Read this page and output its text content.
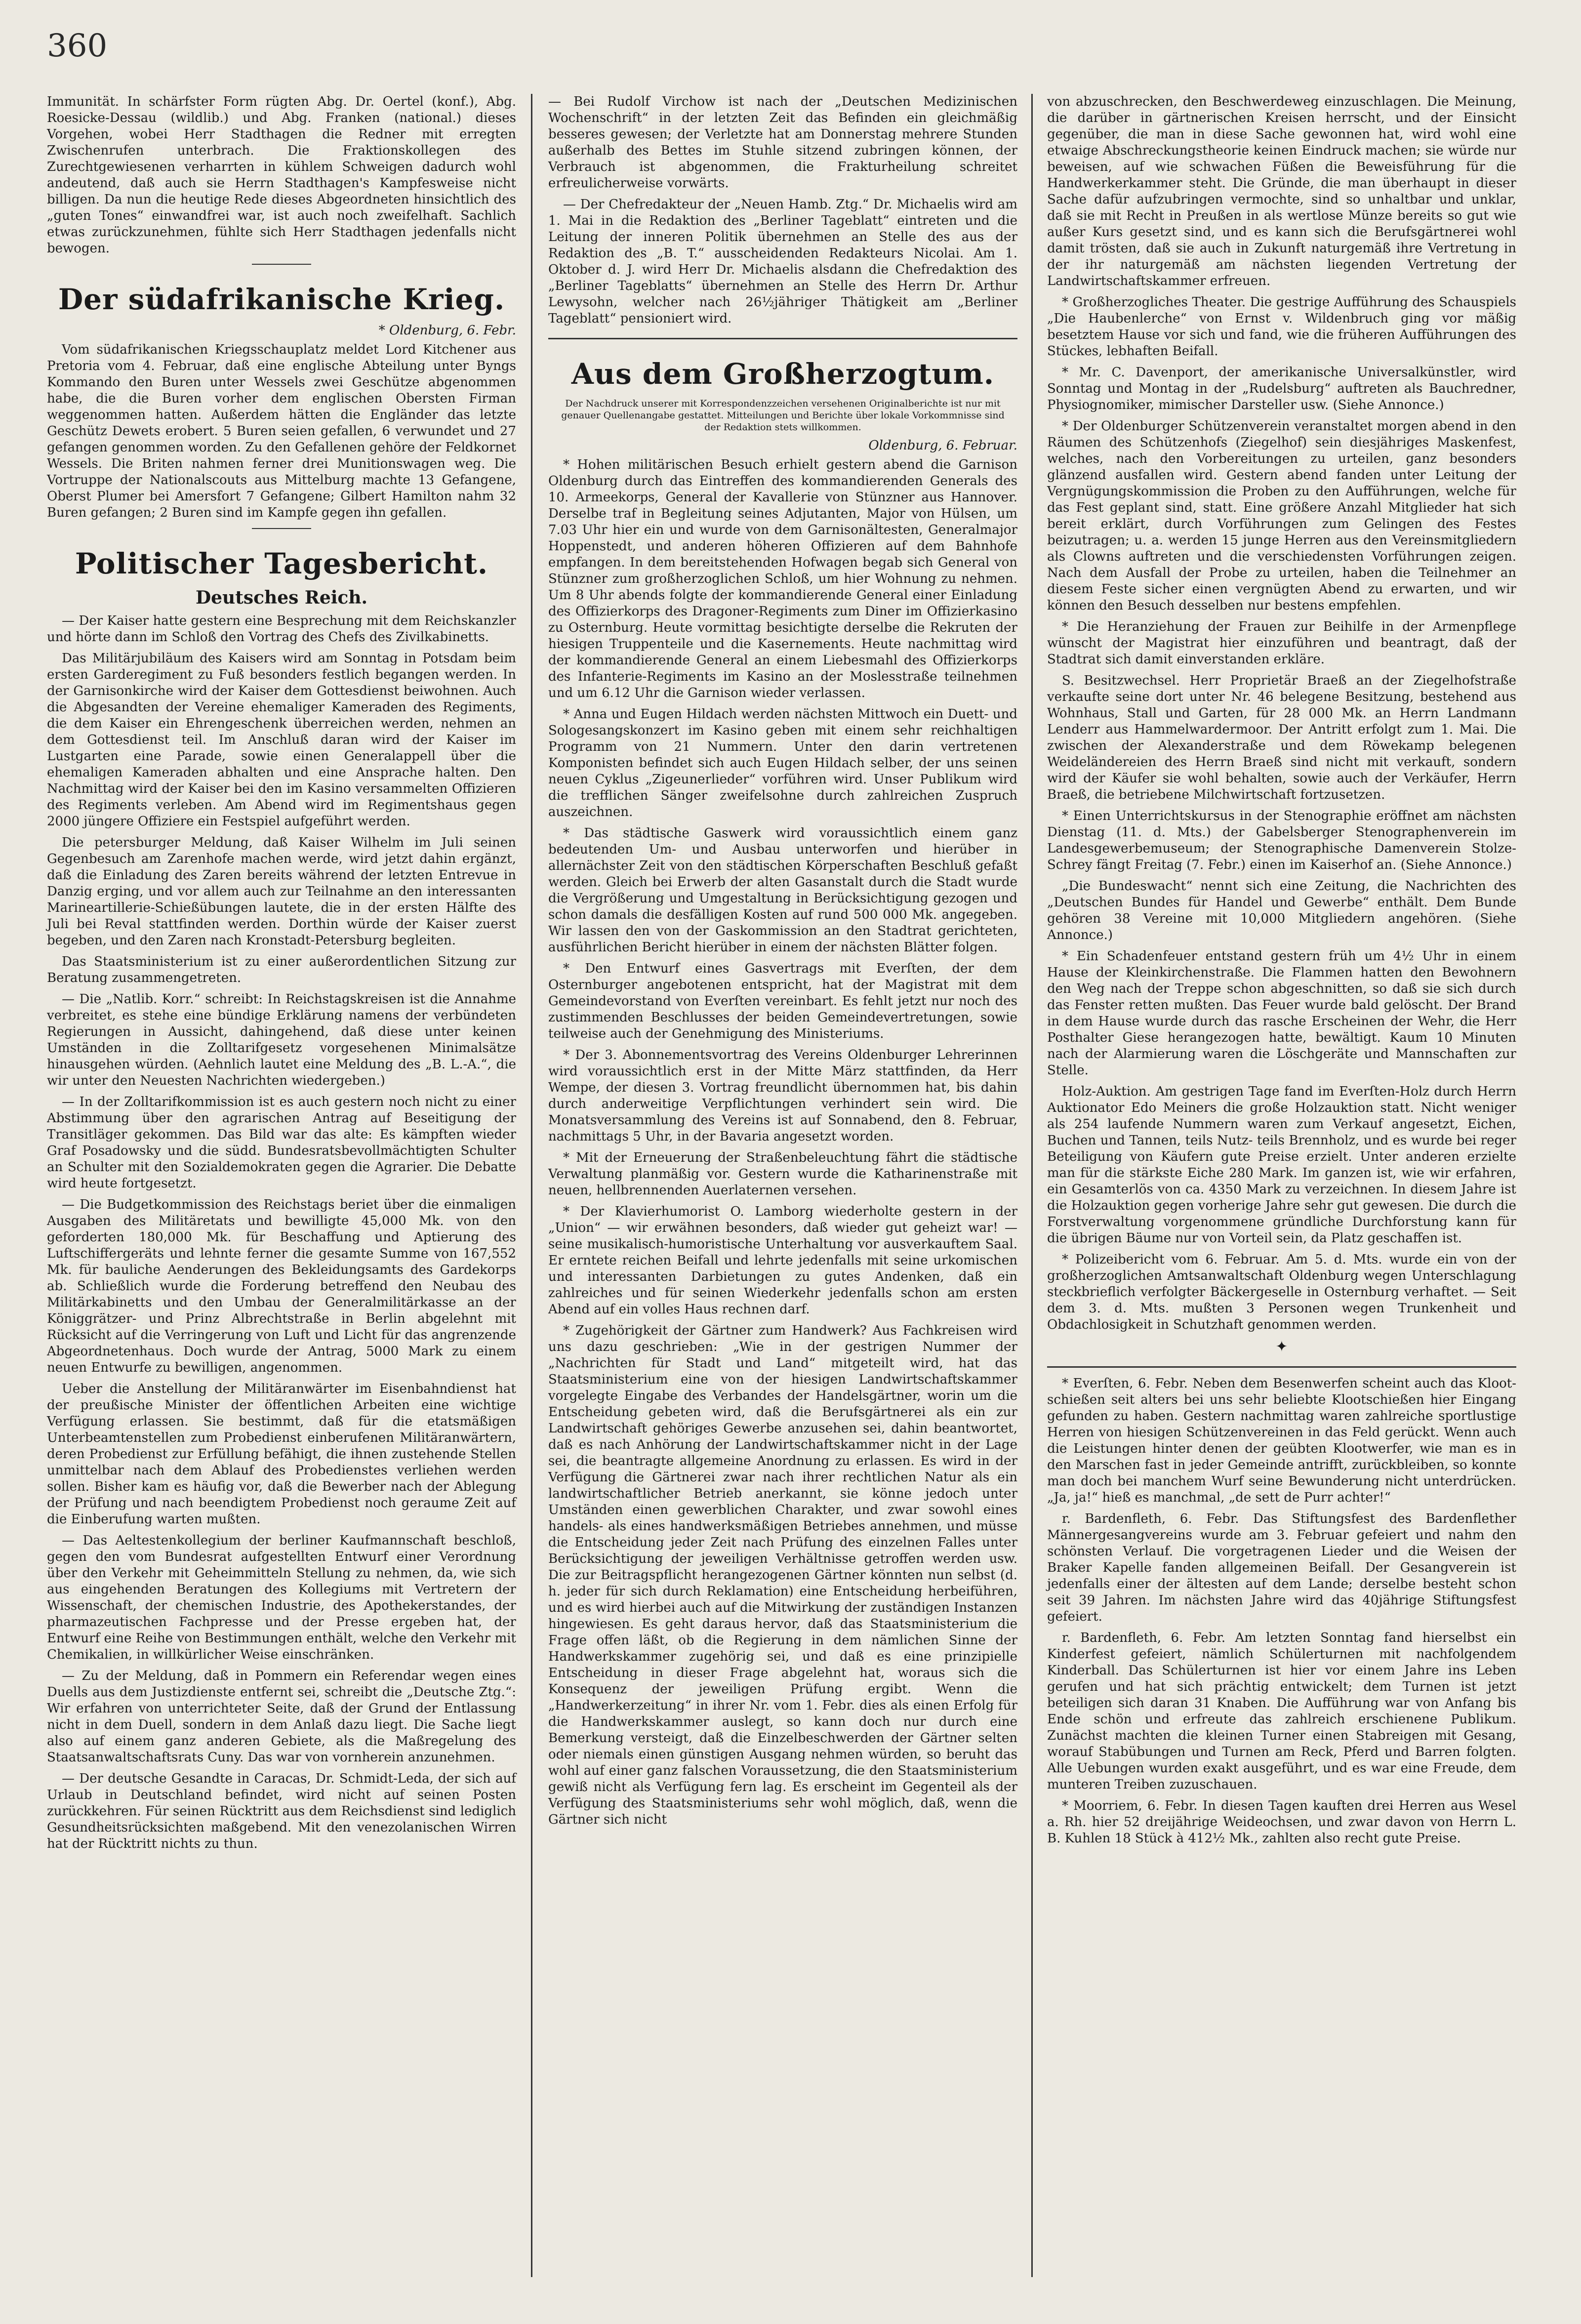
360

Immunität. In schärfster Form rügten Abg. Dr. Oertel (konf.), Abg. Roesicke-Dessau (wildlib.) und Abg. Franken (national.) dieses Vorgehen, wobei Herr Stadthagen die Redner mit erregten Zwischenrufen unterbrach. Die Fraktionskollegen des Zurechtgewiesenen verharrten in kühlem Schweigen dadurch wohl andeutend, daß auch sie Herrn Stadthagen's Kampfesweise nicht billigen. Da nun die heutige Rede dieses Abgeordneten hinsichtlich des „guten Tones“ einwandfrei war, ist auch noch zweifelhaft. Sachlich etwas zurückzunehmen, fühlte sich Herr Stadthagen jedenfalls nicht bewogen.

Der südafrikanische Krieg.
* Oldenburg, 6. Febr.

Vom südafrikanischen Kriegsschauplatz meldet Lord Kitchener aus Pretoria vom 4. Februar, daß eine englische Abteilung unter Byngs Kommando den Buren unter Wessels zwei Geschütze abgenommen habe, die die Buren vorher dem englischen Obersten Firman weggenommen hatten. Außerdem hätten die Engländer das letzte Geschütz Dewets erobert. 5 Buren seien gefallen, 6 verwundet und 27 gefangen genommen worden. Zu den Gefallenen gehöre der Feldkornet Wessels. Die Briten nahmen ferner drei Munitionswagen weg. Die Vortruppe der Nationalscouts aus Mittelburg machte 13 Gefangene, Oberst Plumer bei Amersfort 7 Gefangene; Gilbert Hamilton nahm 32 Buren gefangen; 2 Buren sind im Kampfe gegen ihn gefallen.

Politischer Tagesbericht.
Deutsches Reich.

— Der Kaiser hatte gestern eine Besprechung mit dem Reichskanzler und hörte dann im Schloß den Vortrag des Chefs des Zivilkabinetts.

Das Militärjubiläum des Kaisers wird am Sonntag in Potsdam beim ersten Garderegiment zu Fuß besonders festlich begangen werden. In der Garnisonkirche wird der Kaiser dem Gottesdienst beiwohnen. Auch die Abgesandten der Vereine ehemaliger Kameraden des Regiments, die dem Kaiser ein Ehrengeschenk überreichen werden, nehmen an dem Gottesdienst teil. Im Anschluß daran wird der Kaiser im Lustgarten eine Parade, sowie einen Generalappell über die ehemaligen Kameraden abhalten und eine Ansprache halten. Den Nachmittag wird der Kaiser bei den im Kasino versammelten Offizieren des Regiments verleben. Am Abend wird im Regimentshaus gegen 2000 jüngere Offiziere ein Festspiel aufgeführt werden.

Die petersburger Meldung, daß Kaiser Wilhelm im Juli seinen Gegenbesuch am Zarenhofe machen werde, wird jetzt dahin ergänzt, daß die Einladung des Zaren bereits während der letzten Entrevue in Danzig erging, und vor allem auch zur Teilnahme an den interessanten Marineartillerie-Schießübungen lautete, die in der ersten Hälfte des Juli bei Reval stattfinden werden. Dorthin würde der Kaiser zuerst begeben, und den Zaren nach Kronstadt-Petersburg begleiten.

Das Staatsministerium ist zu einer außerordentlichen Sitzung zur Beratung zusammengetreten.

— Die „Natlib. Korr.“ schreibt: In Reichstagskreisen ist die Annahme verbreitet, es stehe eine bündige Erklärung namens der verbündeten Regierungen in Aussicht, dahingehend, daß diese unter keinen Umständen in die Zolltarifgesetz vorgesehenen Minimalsätze hinausgehen würden. (Aehnlich lautet eine Meldung des „B. L.-A.“, die wir unter den Neuesten Nachrichten wiedergeben.)

— In der Zolltarifkommission ist es auch gestern noch nicht zu einer Abstimmung über den agrarischen Antrag auf Beseitigung der Transitläger gekommen. Das Bild war das alte: Es kämpften wieder Graf Posadowsky und die südd. Bundesratsbevollmächtigten Schulter an Schulter mit den Sozialdemokraten gegen die Agrarier. Die Debatte wird heute fortgesetzt.

— Die Budgetkommission des Reichstags beriet über die einmaligen Ausgaben des Militäretats und bewilligte 45,000 Mk. von den geforderten 180,000 Mk. für Beschaffung und Aptierung des Luftschiffergeräts und lehnte ferner die gesamte Summe von 167,552 Mk. für bauliche Aenderungen des Bekleidungsamts des Gardekorps ab. Schließlich wurde die Forderung betreffend den Neubau des Militärkabinetts und den Umbau der Generalmilitärkasse an der Königgrätzer- und Prinz Albrechtstraße in Berlin abgelehnt mit Rücksicht auf die Verringerung von Luft und Licht für das angrenzende Abgeordnetenhaus. Doch wurde der Antrag, 5000 Mark zu einem neuen Entwurfe zu bewilligen, angenommen.

Ueber die Anstellung der Militäranwärter im Eisenbahndienst hat der preußische Minister der öffentlichen Arbeiten eine wichtige Verfügung erlassen. Sie bestimmt, daß für die etatsmäßigen Unterbeamtenstellen zum Probedienst einberufenen Militäranwärtern, deren Probedienst zur Erfüllung befähigt, die ihnen zustehende Stellen unmittelbar nach dem Ablauf des Probedienstes verliehen werden sollen. Bisher kam es häufig vor, daß die Bewerber nach der Ablegung der Prüfung und nach beendigtem Probedienst noch geraume Zeit auf die Einberufung warten mußten.

— Das Aeltestenkollegium der berliner Kaufmannschaft beschloß, gegen den vom Bundesrat aufgestellten Entwurf einer Verordnung über den Verkehr mit Geheimmitteln Stellung zu nehmen, da, wie sich aus eingehenden Beratungen des Kollegiums mit Vertretern der Wissenschaft, der chemischen Industrie, des Apothekerstandes, der pharmazeutischen Fachpresse und der Presse ergeben hat, der Entwurf eine Reihe von Bestimmungen enthält, welche den Verkehr mit Chemikalien, in willkürlicher Weise einschränken.

— Zu der Meldung, daß in Pommern ein Referendar wegen eines Duells aus dem Justizdienste entfernt sei, schreibt die „Deutsche Ztg.“: Wir erfahren von unterrichteter Seite, daß der Grund der Entlassung nicht in dem Duell, sondern in dem Anlaß dazu liegt. Die Sache liegt also auf einem ganz anderen Gebiete, als die Maßregelung des Staatsanwaltschaftsrats Cuny. Das war von vornherein anzunehmen.

— Der deutsche Gesandte in Caracas, Dr. Schmidt-Leda, der sich auf Urlaub in Deutschland befindet, wird nicht auf seinen Posten zurückkehren. Für seinen Rücktritt aus dem Reichsdienst sind lediglich Gesundheitsrücksichten maßgebend. Mit den venezolanischen Wirren hat der Rücktritt nichts zu thun.

— Bei Rudolf Virchow ist nach der „Deutschen Medizinischen Wochenschrift“ in der letzten Zeit das Befinden ein gleichmäßig besseres gewesen; der Verletzte hat am Donnerstag mehrere Stunden außerhalb des Bettes im Stuhle sitzend zubringen können, der Verbrauch ist abgenommen, die Frakturheilung schreitet erfreulicherweise vorwärts.

— Der Chefredakteur der „Neuen Hamb. Ztg.“ Dr. Michaelis wird am 1. Mai in die Redaktion des „Berliner Tageblatt“ eintreten und die Leitung der inneren Politik übernehmen an Stelle des aus der Redaktion des „B. T.“ ausscheidenden Redakteurs Nicolai. Am 1. Oktober d. J. wird Herr Dr. Michaelis alsdann die Chefredaktion des „Berliner Tageblatts“ übernehmen an Stelle des Herrn Dr. Arthur Lewysohn, welcher nach 26½jähriger Thätigkeit am „Berliner Tageblatt“ pensioniert wird.

Aus dem Großherzogtum.

Der Nachdruck unserer mit Korrespondenzzeichen versehenen Originalberichte ist nur mit genauer Quellenangabe gestattet. Mitteilungen und Berichte über lokale Vorkommnisse sind der Redaktion stets willkommen.

Oldenburg, 6. Februar.

* Hohen militärischen Besuch erhielt gestern abend die Garnison Oldenburg durch das Eintreffen des kommandierenden Generals des 10. Armeekorps, General der Kavallerie von Stünzner aus Hannover. Derselbe traf in Begleitung seines Adjutanten, Major von Hülsen, um 7.03 Uhr hier ein und wurde von dem Garnisonältesten, Generalmajor Hoppenstedt, und anderen höheren Offizieren auf dem Bahnhofe empfangen. In dem bereitstehenden Hofwagen begab sich General von Stünzner zum großherzoglichen Schloß, um hier Wohnung zu nehmen. Um 8 Uhr abends folgte der kommandierende General einer Einladung des Offizierkorps des Dragoner-Regiments zum Diner im Offizierkasino zu Osternburg. Heute vormittag besichtigte derselbe die Rekruten der hiesigen Truppenteile und die Kasernements. Heute nachmittag wird der kommandierende General an einem Liebesmahl des Offizierkorps des Infanterie-Regiments im Kasino an der Moslesstraße teilnehmen und um 6.12 Uhr die Garnison wieder verlassen.

* Anna und Eugen Hildach werden nächsten Mittwoch ein Duett- und Sologesangskonzert im Kasino geben mit einem sehr reichhaltigen Programm von 21 Nummern. Unter den darin vertretenen Komponisten befindet sich auch Eugen Hildach selber, der uns seinen neuen Cyklus „Zigeunerlieder“ vorführen wird. Unser Publikum wird die trefflichen Sänger zweifelsohne durch zahlreichen Zuspruch auszeichnen.

* Das städtische Gaswerk wird voraussichtlich einem ganz bedeutenden Um- und Ausbau unterworfen und hierüber in allernächster Zeit von den städtischen Körperschaften Beschluß gefaßt werden. Gleich bei Erwerb der alten Gasanstalt durch die Stadt wurde die Vergrößerung und Umgestaltung in Berücksichtigung gezogen und schon damals die desfälligen Kosten auf rund 500 000 Mk. angegeben. Wir lassen den von der Gaskommission an den Stadtrat gerichteten, ausführlichen Bericht hierüber in einem der nächsten Blätter folgen.

* Den Entwurf eines Gasvertrags mit Everſten, der dem Osternburger angebotenen entspricht, hat der Magistrat mit dem Gemeindevorstand von Everſten vereinbart. Es fehlt jetzt nur noch des zustimmenden Beschlusses der beiden Gemeindevertretungen, sowie teilweise auch der Genehmigung des Ministeriums.

* Der 3. Abonnementsvortrag des Vereins Oldenburger Lehrerinnen wird voraussichtlich erst in der Mitte März stattfinden, da Herr Wempe, der diesen 3. Vortrag freundlicht übernommen hat, bis dahin durch anderweitige Verpflichtungen verhindert sein wird. Die Monatsversammlung des Vereins ist auf Sonnabend, den 8. Februar, nachmittags 5 Uhr, in der Bavaria angesetzt worden.

* Mit der Erneuerung der Straßenbeleuchtung fährt die städtische Verwaltung planmäßig vor. Gestern wurde die Katharinenstraße mit neuen, hellbrennenden Auerlaternen versehen.

* Der Klavierhumorist O. Lamborg wiederholte gestern in der „Union“ — wir erwähnen besonders, daß wieder gut geheizt war! — seine musikalisch-humoristische Unterhaltung vor ausverkauftem Saal. Er erntete reichen Beifall und lehrte jedenfalls mit seine urkomischen und interessanten Darbietungen zu gutes Andenken, daß ein zahlreiches und für seinen Wiederkehr jedenfalls schon am ersten Abend auf ein volles Haus rechnen darf.

* Zugehörigkeit der Gärtner zum Handwerk? Aus Fachkreisen wird uns dazu geschrieben: „Wie in der gestrigen Nummer der „Nachrichten für Stadt und Land“ mitgeteilt wird, hat das Staatsministerium eine von der hiesigen Landwirtschaftskammer vorgelegte Eingabe des Verbandes der Handelsgärtner, worin um die Entscheidung gebeten wird, daß die Berufsgärtnerei als ein zur Landwirtschaft gehöriges Gewerbe anzusehen sei, dahin beantwortet, daß es nach Anhörung der Landwirtschaftskammer nicht in der Lage sei, die beantragte allgemeine Anordnung zu erlassen. Es wird in der Verfügung die Gärtnerei zwar nach ihrer rechtlichen Natur als ein landwirtschaftlicher Betrieb anerkannt, sie könne jedoch unter Umständen einen gewerblichen Charakter, und zwar sowohl eines handels- als eines handwerksmäßigen Betriebes annehmen, und müsse die Entscheidung jeder Zeit nach Prüfung des einzelnen Falles unter Berücksichtigung der jeweiligen Verhältnisse getroffen werden usw. Die zur Beitragspflicht herangezogenen Gärtner könnten nun selbst (d. h. jeder für sich durch Reklamation) eine Entscheidung herbeiführen, und es wird hierbei auch auf die Mitwirkung der zuständigen Instanzen hingewiesen. Es geht daraus hervor, daß das Staatsministerium die Frage offen läßt, ob die Regierung in dem nämlichen Sinne der Handwerkskammer zugehörig sei, und daß es eine prinzipielle Entscheidung in dieser Frage abgelehnt hat, woraus sich die Konsequenz der jeweiligen Prüfung ergibt. Wenn die „Handwerkerzeitung“ in ihrer Nr. vom 1. Febr. dies als einen Erfolg für die Handwerkskammer auslegt, so kann doch nur durch eine Bemerkung versteigt, daß die Einzelbeschwerden der Gärtner selten oder niemals einen günstigen Ausgang nehmen würden, so beruht das wohl auf einer ganz falschen Voraussetzung, die den Staatsministerium gewiß nicht als Verfügung fern lag. Es erscheint im Gegenteil als der Verfügung des Staatsministeriums sehr wohl möglich, daß, wenn die Gärtner sich nicht

von abzuschrecken, den Beschwerdeweg einzuschlagen. Die Meinung, die darüber in gärtnerischen Kreisen herrscht, und der Einsicht gegenüber, die man in diese Sache gewonnen hat, wird wohl eine etwaige Abschreckungstheorie keinen Eindruck machen; sie würde nur beweisen, auf wie schwachen Füßen die Beweisführung für die Handwerkerkammer steht. Die Gründe, die man überhaupt in dieser Sache dafür aufzubringen vermochte, sind so unhaltbar und unklar, daß sie mit Recht in Preußen in als wertlose Münze bereits so gut wie außer Kurs gesetzt sind, und es kann sich die Berufsgärtnerei wohl damit trösten, daß sie auch in Zukunft naturgemäß ihre Vertretung in der ihr naturgemäß am nächsten liegenden Vertretung der Landwirtschaftskammer erfreuen.

* Großherzogliches Theater. Die gestrige Aufführung des Schauspiels „Die Haubenlerche“ von Ernst v. Wildenbruch ging vor mäßig besetztem Hause vor sich und fand, wie die früheren Aufführungen des Stückes, lebhaften Beifall.

* Mr. C. Davenport, der amerikanische Universalkünstler, wird Sonntag und Montag in der „Rudelsburg“ auftreten als Bauchredner, Physiognomiker, mimischer Darsteller usw. (Siehe Annonce.)

* Der Oldenburger Schützenverein veranstaltet morgen abend in den Räumen des Schützenhofs (Ziegelhof) sein diesjähriges Maskenfest, welches, nach den Vorbereitungen zu urteilen, ganz besonders glänzend ausfallen wird. Gestern abend fanden unter Leitung der Vergnügungskommission die Proben zu den Aufführungen, welche für das Fest geplant sind, statt. Eine größere Anzahl Mitglieder hat sich bereit erklärt, durch Vorführungen zum Gelingen des Festes beizutragen; u. a. werden 15 junge Herren aus den Vereinsmitgliedern als Clowns auftreten und die verschiedensten Vorführungen zeigen. Nach dem Ausfall der Probe zu urteilen, haben die Teilnehmer an diesem Feste sicher einen vergnügten Abend zu erwarten, und wir können den Besuch desselben nur bestens empfehlen.

* Die Heranziehung der Frauen zur Beihilfe in der Armenpflege wünscht der Magistrat hier einzuführen und beantragt, daß der Stadtrat sich damit einverstanden erkläre.

S. Besitzwechsel. Herr Proprietär Braeß an der Ziegelhofstraße verkaufte seine dort unter Nr. 46 belegene Besitzung, bestehend aus Wohnhaus, Stall und Garten, für 28 000 Mk. an Herrn Landmann Lenderr aus Hammelwardermoor. Der Antritt erfolgt zum 1. Mai. Die zwischen der Alexanderstraße und dem Röwekamp belegenen Weideländereien des Herrn Braeß sind nicht mit verkauft, sondern wird der Käufer sie wohl behalten, sowie auch der Verkäufer, Herrn Braeß, die betriebene Milchwirtschaft fortzusetzen.

* Einen Unterrichtskursus in der Stenographie eröffnet am nächsten Dienstag (11. d. Mts.) der Gabelsberger Stenographenverein im Landesgewerbemuseum; der Stenographische Damenverein Stolze-Schrey fängt Freitag (7. Febr.) einen im Kaiserhof an. (Siehe Annonce.)

„Die Bundeswacht“ nennt sich eine Zeitung, die Nachrichten des „Deutschen Bundes für Handel und Gewerbe“ enthält. Dem Bunde gehören 38 Vereine mit 10,000 Mitgliedern angehören. (Siehe Annonce.)

* Ein Schadenfeuer entstand gestern früh um 4½ Uhr in einem Hause der Kleinkirchenstraße. Die Flammen hatten den Bewohnern den Weg nach der Treppe schon abgeschnitten, so daß sie sich durch das Fenster retten mußten. Das Feuer wurde bald gelöscht. Der Brand in dem Hause wurde durch das rasche Erscheinen der Wehr, die Herr Posthalter Giese herangezogen hatte, bewältigt. Kaum 10 Minuten nach der Alarmierung waren die Löschgeräte und Mannschaften zur Stelle.

Holz-Auktion. Am gestrigen Tage fand im Everſten-Holz durch Herrn Auktionator Edo Meiners die große Holzauktion statt. Nicht weniger als 254 laufende Nummern waren zum Verkauf angesetzt, Eichen, Buchen und Tannen, teils Nutz- teils Brennholz, und es wurde bei reger Beteiligung von Käufern gute Preise erzielt. Unter anderen erzielte man für die stärkste Eiche 280 Mark. Im ganzen ist, wie wir erfahren, ein Gesamterlös von ca. 4350 Mark zu verzeichnen. In diesem Jahre ist die Holzauktion gegen vorherige Jahre sehr gut gewesen. Die durch die Forstverwaltung vorgenommene gründliche Durchforstung kann für die übrigen Bäume nur von Vorteil sein, da Platz geschaffen ist.

* Polizeibericht vom 6. Februar. Am 5. d. Mts. wurde ein von der großherzoglichen Amtsanwaltschaft Oldenburg wegen Unterschlagung steckbrieflich verfolgter Bäckergeselle in Osternburg verhaftet. — Seit dem 3. d. Mts. mußten 3 Personen wegen Trunkenheit und Obdachlosigkeit in Schutzhaft genommen werden.

✦

* Everſten, 6. Febr. Neben dem Besenwerfen scheint auch das Klootschießen seit alters bei uns sehr beliebte Klootschießen hier Eingang gefunden zu haben. Gestern nachmittag waren zahlreiche sportlustige Herren von hiesigen Schützenvereinen in das Feld gerückt. Wenn auch die Leistungen hinter denen der geübten Klootwerfer, wie man es in den Marschen fast in jeder Gemeinde antrifft, zurückbleiben, so konnte man doch bei manchem Wurf seine Bewunderung nicht unterdrücken. „Ja, ja!“ hieß es manchmal, „de sett de Purr achter!“

r. Bardenfleth, 6. Febr. Das Stiftungsfest des Bardenflether Männergesangvereins wurde am 3. Februar gefeiert und nahm den schönsten Verlauf. Die vorgetragenen Lieder und die Weisen der Braker Kapelle fanden allgemeinen Beifall. Der Gesangverein ist jedenfalls einer der ältesten auf dem Lande; derselbe besteht schon seit 39 Jahren. Im nächsten Jahre wird das 40jährige Stiftungsfest gefeiert.

r. Bardenfleth, 6. Febr. Am letzten Sonntag fand hierselbst ein Kinderfest gefeiert, nämlich Schülerturnen mit nachfolgendem Kinderball. Das Schülerturnen ist hier vor einem Jahre ins Leben gerufen und hat sich prächtig entwickelt; dem Turnen ist jetzt beteiligen sich daran 31 Knaben. Die Aufführung war von Anfang bis Ende schön und erfreute das zahlreich erschienene Publikum. Zunächst machten die kleinen Turner einen Stabreigen mit Gesang, worauf Stabübungen und Turnen am Reck, Pferd und Barren folgten. Alle Uebungen wurden exakt ausgeführt, und es war eine Freude, dem munteren Treiben zuzuschauen.

* Moorriem, 6. Febr. In diesen Tagen kauften drei Herren aus Wesel a. Rh. hier 52 dreijährige Weideochsen, und zwar davon von Herrn L. B. Kuhlen 18 Stück à 412½ Mk., zahlten also recht gute Preise.
